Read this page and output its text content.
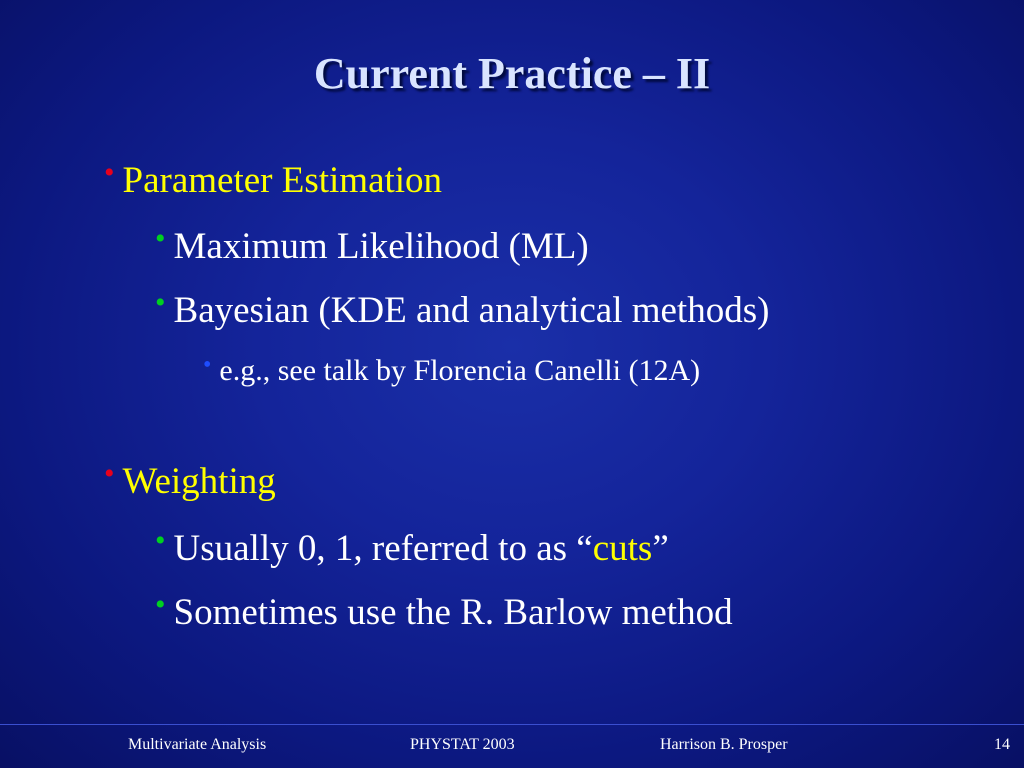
Current Practice – II
• Parameter Estimation
• Maximum Likelihood (ML)
• Bayesian (KDE and analytical methods)
• e.g., see talk by Florencia Canelli (12A)
• Weighting
• Usually 0, 1, referred to as “cuts”
• Sometimes use the R. Barlow method
Multivariate Analysis	PHYSTAT 2003	Harrison B. Prosper	14
